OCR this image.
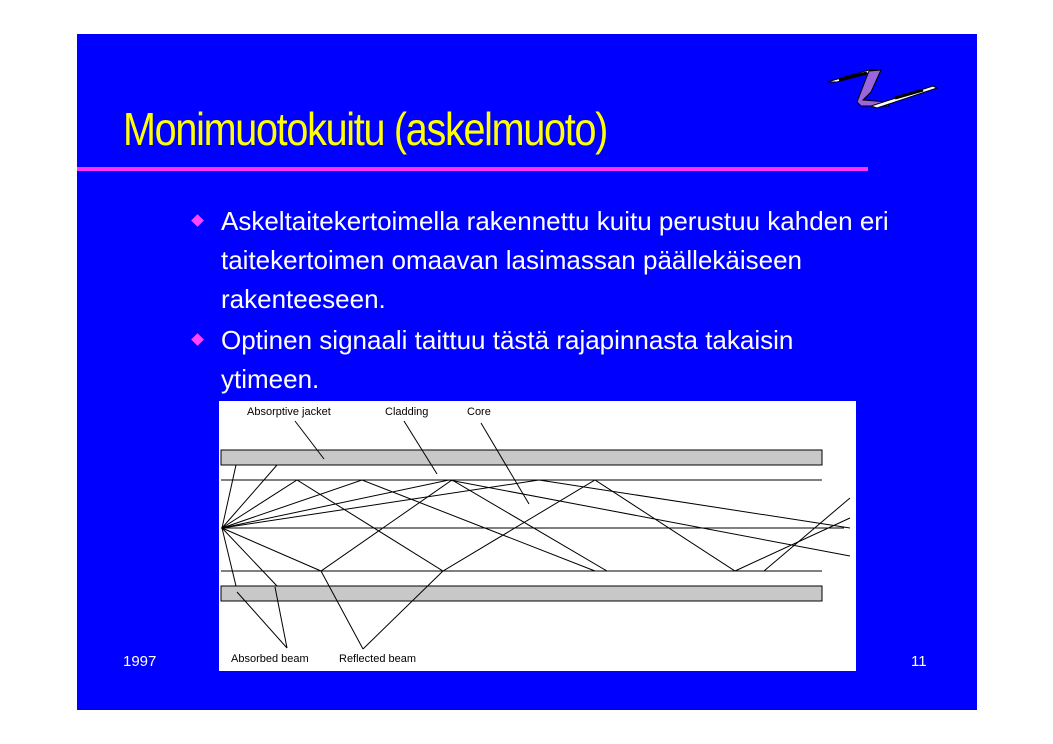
Monimuotokuitu (askelmuoto)
Askeltaitekertoimella rakennettu kuitu perustuu kahden eri taitekertoimen omaavan lasimassan päällekäiseen rakenteeseen.
Optinen signaali taittuu tästä rajapinnasta takaisin ytimeen.
Absorptive jacket	Cladding	Core
Absorbed beam	Reflected beam
1997	11
